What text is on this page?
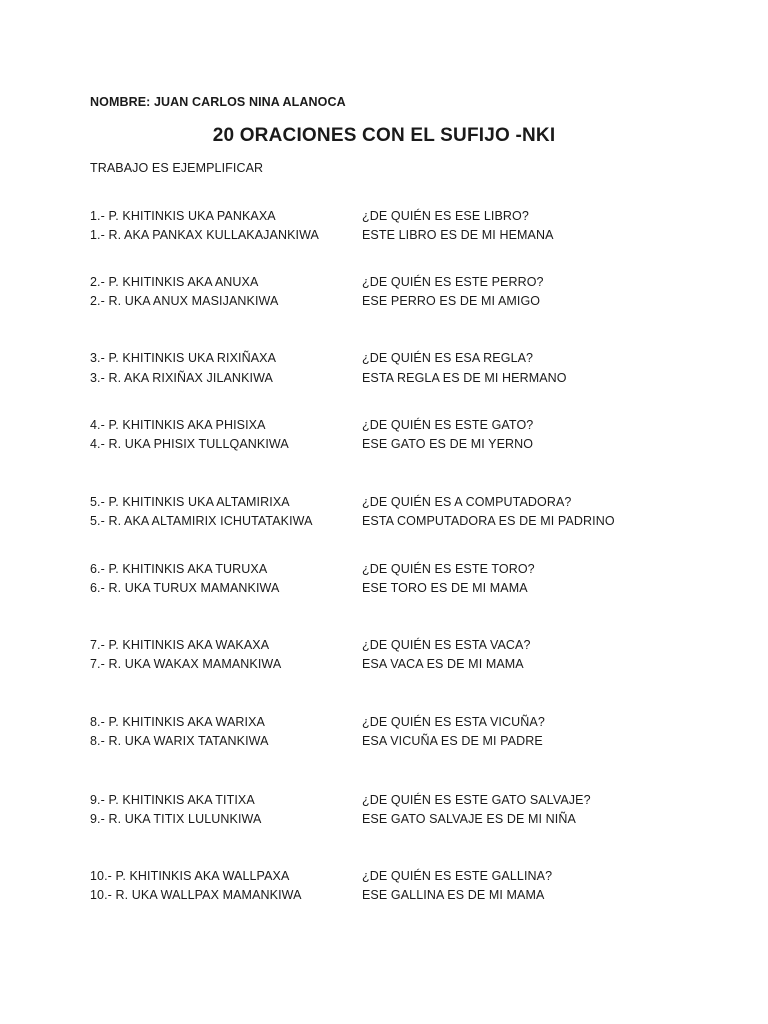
NOMBRE: JUAN CARLOS NINA ALANOCA
20 ORACIONES CON EL SUFIJO -NKI
TRABAJO ES EJEMPLIFICAR
1.- P. KHITINKIS UKA PANKAXA
1.- R. AKA PANKAX KULLAKAJANKIWA
¿DE QUIÉN ES ESE LIBRO?
ESTE LIBRO ES DE MI HEMANA
2.- P. KHITINKIS AKA ANUXA
2.- R. UKA ANUX MASIJANKIWA
¿DE QUIÉN ES ESTE PERRO?
ESE PERRO ES DE MI AMIGO
3.- P. KHITINKIS UKA RIXIÑAXA
3.- R. AKA RIXIÑAX JILANKIWA
¿DE QUIÉN ES ESA REGLA?
ESTA REGLA ES DE MI HERMANO
4.- P. KHITINKIS AKA PHISIXA
4.- R. UKA PHISIX TULLQANKIWA
¿DE QUIÉN ES ESTE GATO?
ESE GATO ES DE MI YERNO
5.- P. KHITINKIS UKA ALTAMIRIXA
5.- R. AKA ALTAMIRIX ICHUTATAKIWA
¿DE QUIÉN ES A COMPUTADORA?
ESTA COMPUTADORA ES DE MI PADRINO
6.- P. KHITINKIS AKA TURUXA
6.- R. UKA TURUX MAMANKIWA
¿DE QUIÉN ES ESTE TORO?
ESE TORO ES DE MI MAMA
7.- P. KHITINKIS AKA WAKAXA
7.- R. UKA WAKAX MAMANKIWA
¿DE QUIÉN ES ESTA VACA?
ESA VACA ES DE MI MAMA
8.- P. KHITINKIS AKA WARIXA
8.- R. UKA WARIX TATANKIWA
¿DE QUIÉN ES ESTA VICUÑA?
ESA VICUÑA ES DE MI PADRE
9.- P. KHITINKIS AKA TITIXA
9.- R. UKA TITIX LULUNKIWA
¿DE QUIÉN ES ESTE GATO SALVAJE?
ESE GATO SALVAJE ES DE MI NIÑA
10.- P. KHITINKIS AKA WALLPAXA
10.- R. UKA WALLPAX MAMANKIWA
¿DE QUIÉN ES ESTE GALLINA?
ESE GALLINA ES DE MI MAMA
